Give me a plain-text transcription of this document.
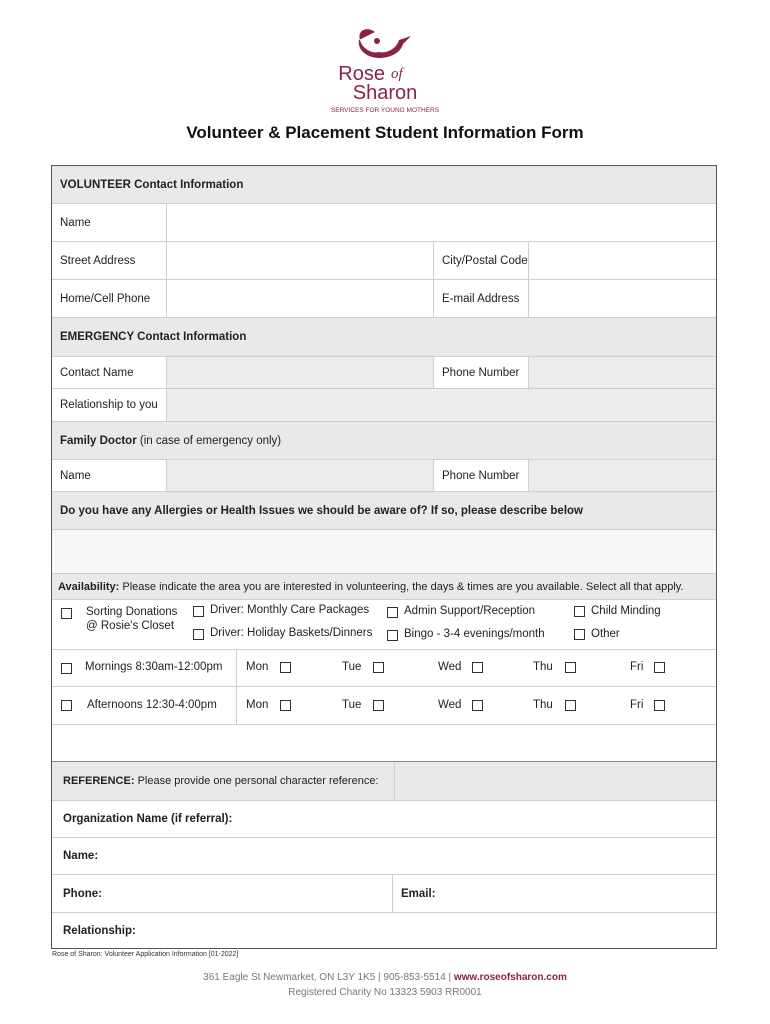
Rose of
Sharon
SERVICES FOR YOUNG MOTHERS
Volunteer & Placement Student Information Form
VOLUNTEER Contact Information
Name
Street Address	City/Postal Code
Home/Cell Phone	E-mail Address
EMERGENCY Contact Information
Contact Name	Phone Number
Relationship to you
Family Doctor (in case of emergency only)
Name	Phone Number
Do you have any Allergies or Health Issues we should be aware of? If so, please describe below
Availability: Please indicate the area you are interested in volunteering, the days & times are you available. Select all that apply.
Sorting Donations
@ Rosie's Closet
Driver: Monthly Care Packages
Driver: Holiday Baskets/Dinners
Admin Support/Reception
Bingo - 3-4 evenings/month
Child Minding
Other
Mornings 8:30am-12:00pm Mon	Tue	Wed	Thu	Fri
Afternoons 12:30-4:00pm	Mon	Tue	Wed	Thu	Fri
REFERENCE: Please provide one personal character reference:
Organization Name (if referral):
Name:
Phone:	Email:
Relationship:
Rose of Sharon: Volunteer Application Information [01-2022]
361 Eagle St Newmarket, ON L3Y 1K5 | 905-853-5514 | www.roseofsharon.com
Registered Charity No 13323 5903 RR0001
